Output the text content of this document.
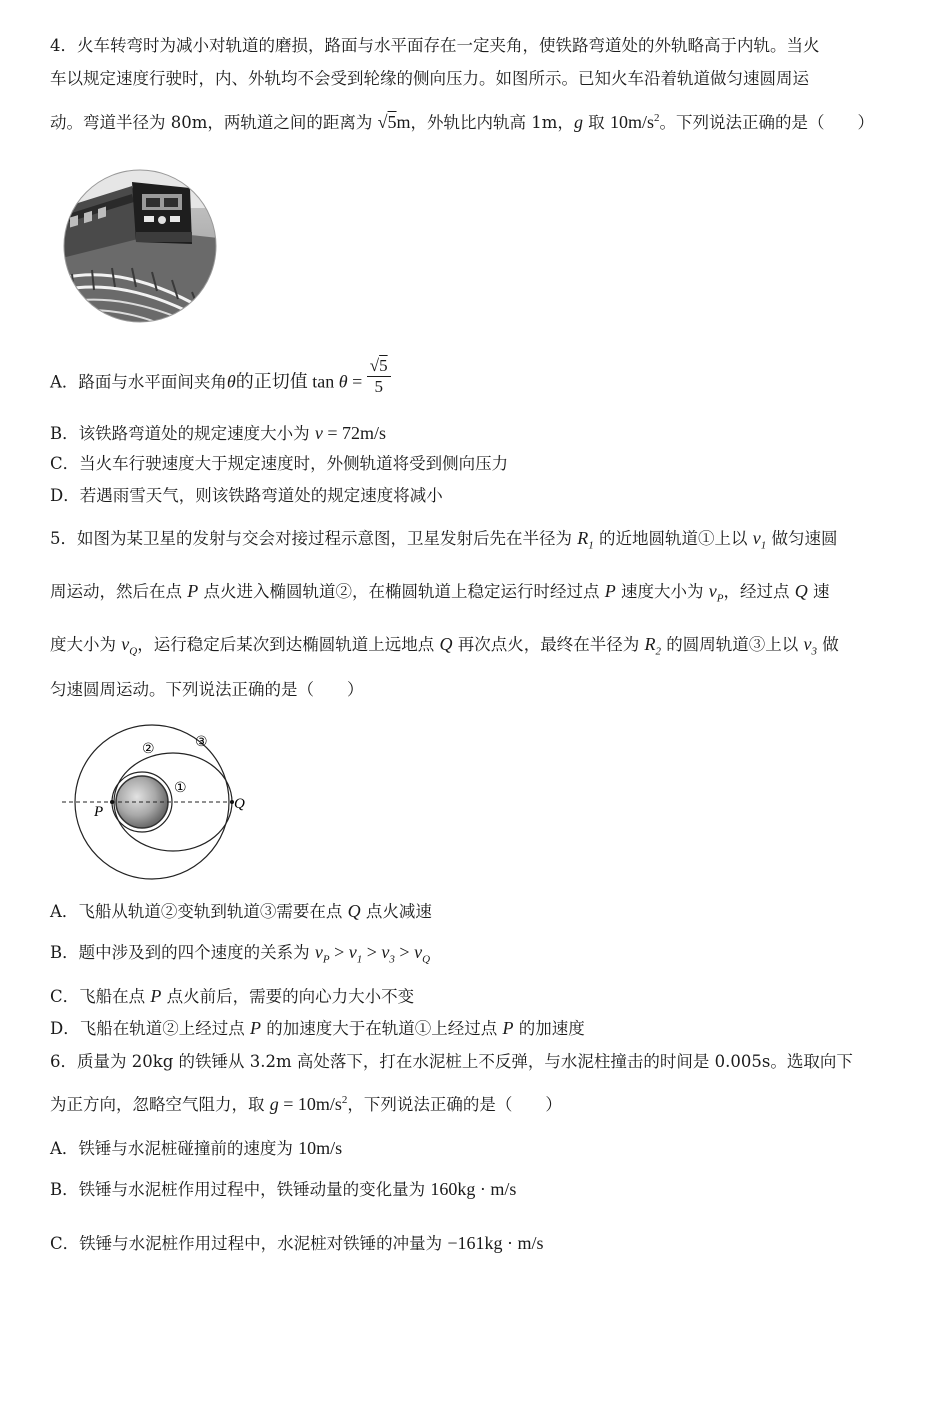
4．火车转弯时为减小对轨道的磨损，路面与水平面存在一定夹角，使铁路弯道处的外轨略高于内轨。当火
车以规定速度行驶时，内、外轨均不会受到轮缘的侧向压力。如图所示。已知火车沿着轨道做匀速圆周运
动。弯道半径为 80m，两轨道之间的距离为 √5m，外轨比内轨高 1m，g 取 $10m/s^2$。下列说法正确的是（　　）
A．路面与水平面间夹角θ的正切值 $\tan \theta = \frac{√5}{5}$
B．该铁路弯道处的规定速度大小为 v = 72m/s
C．当火车行驶速度大于规定速度时，外侧轨道将受到侧向压力
D．若遇雨雪天气，则该铁路弯道处的规定速度将减小
5．如图为某卫星的发射与交会对接过程示意图，卫星发射后先在半径为 $R_1$ 的近地圆轨道①上以 $v_1$ 做匀速圆
周运动，然后在点 P 点火进入椭圆轨道②，在椭圆轨道上稳定运行时经过点 P 速度大小为 $v_P$，经过点 Q 速
度大小为 $v_Q$，运行稳定后某次到达椭圆轨道上远地点 Q 再次点火，最终在半径为 $R_2$ 的圆周轨道③上以 $v_3$ 做
匀速圆周运动。下列说法正确的是（　　）
P	Q
①
②	③
A．飞船从轨道②变轨到轨道③需要在点 Q 点火减速
B．题中涉及到的四个速度的关系为 $v_P > v_1 > v_3 > v_Q$
C．飞船在点 P 点火前后，需要的向心力大小不变
D．飞船在轨道②上经过点 P 的加速度大于在轨道①上经过点 P 的加速度
6．质量为 20kg 的铁锤从 3.2m 高处落下，打在水泥桩上不反弹，与水泥柱撞击的时间是 0.005s。选取向下
为正方向，忽略空气阻力，取 $g = 10m/s^2$，下列说法正确的是（　　）
A．铁锤与水泥桩碰撞前的速度为 10m/s
B．铁锤与水泥桩作用过程中，铁锤动量的变化量为 160kg · m/s
C．铁锤与水泥桩作用过程中，水泥桩对铁锤的冲量为 −161kg · m/s
